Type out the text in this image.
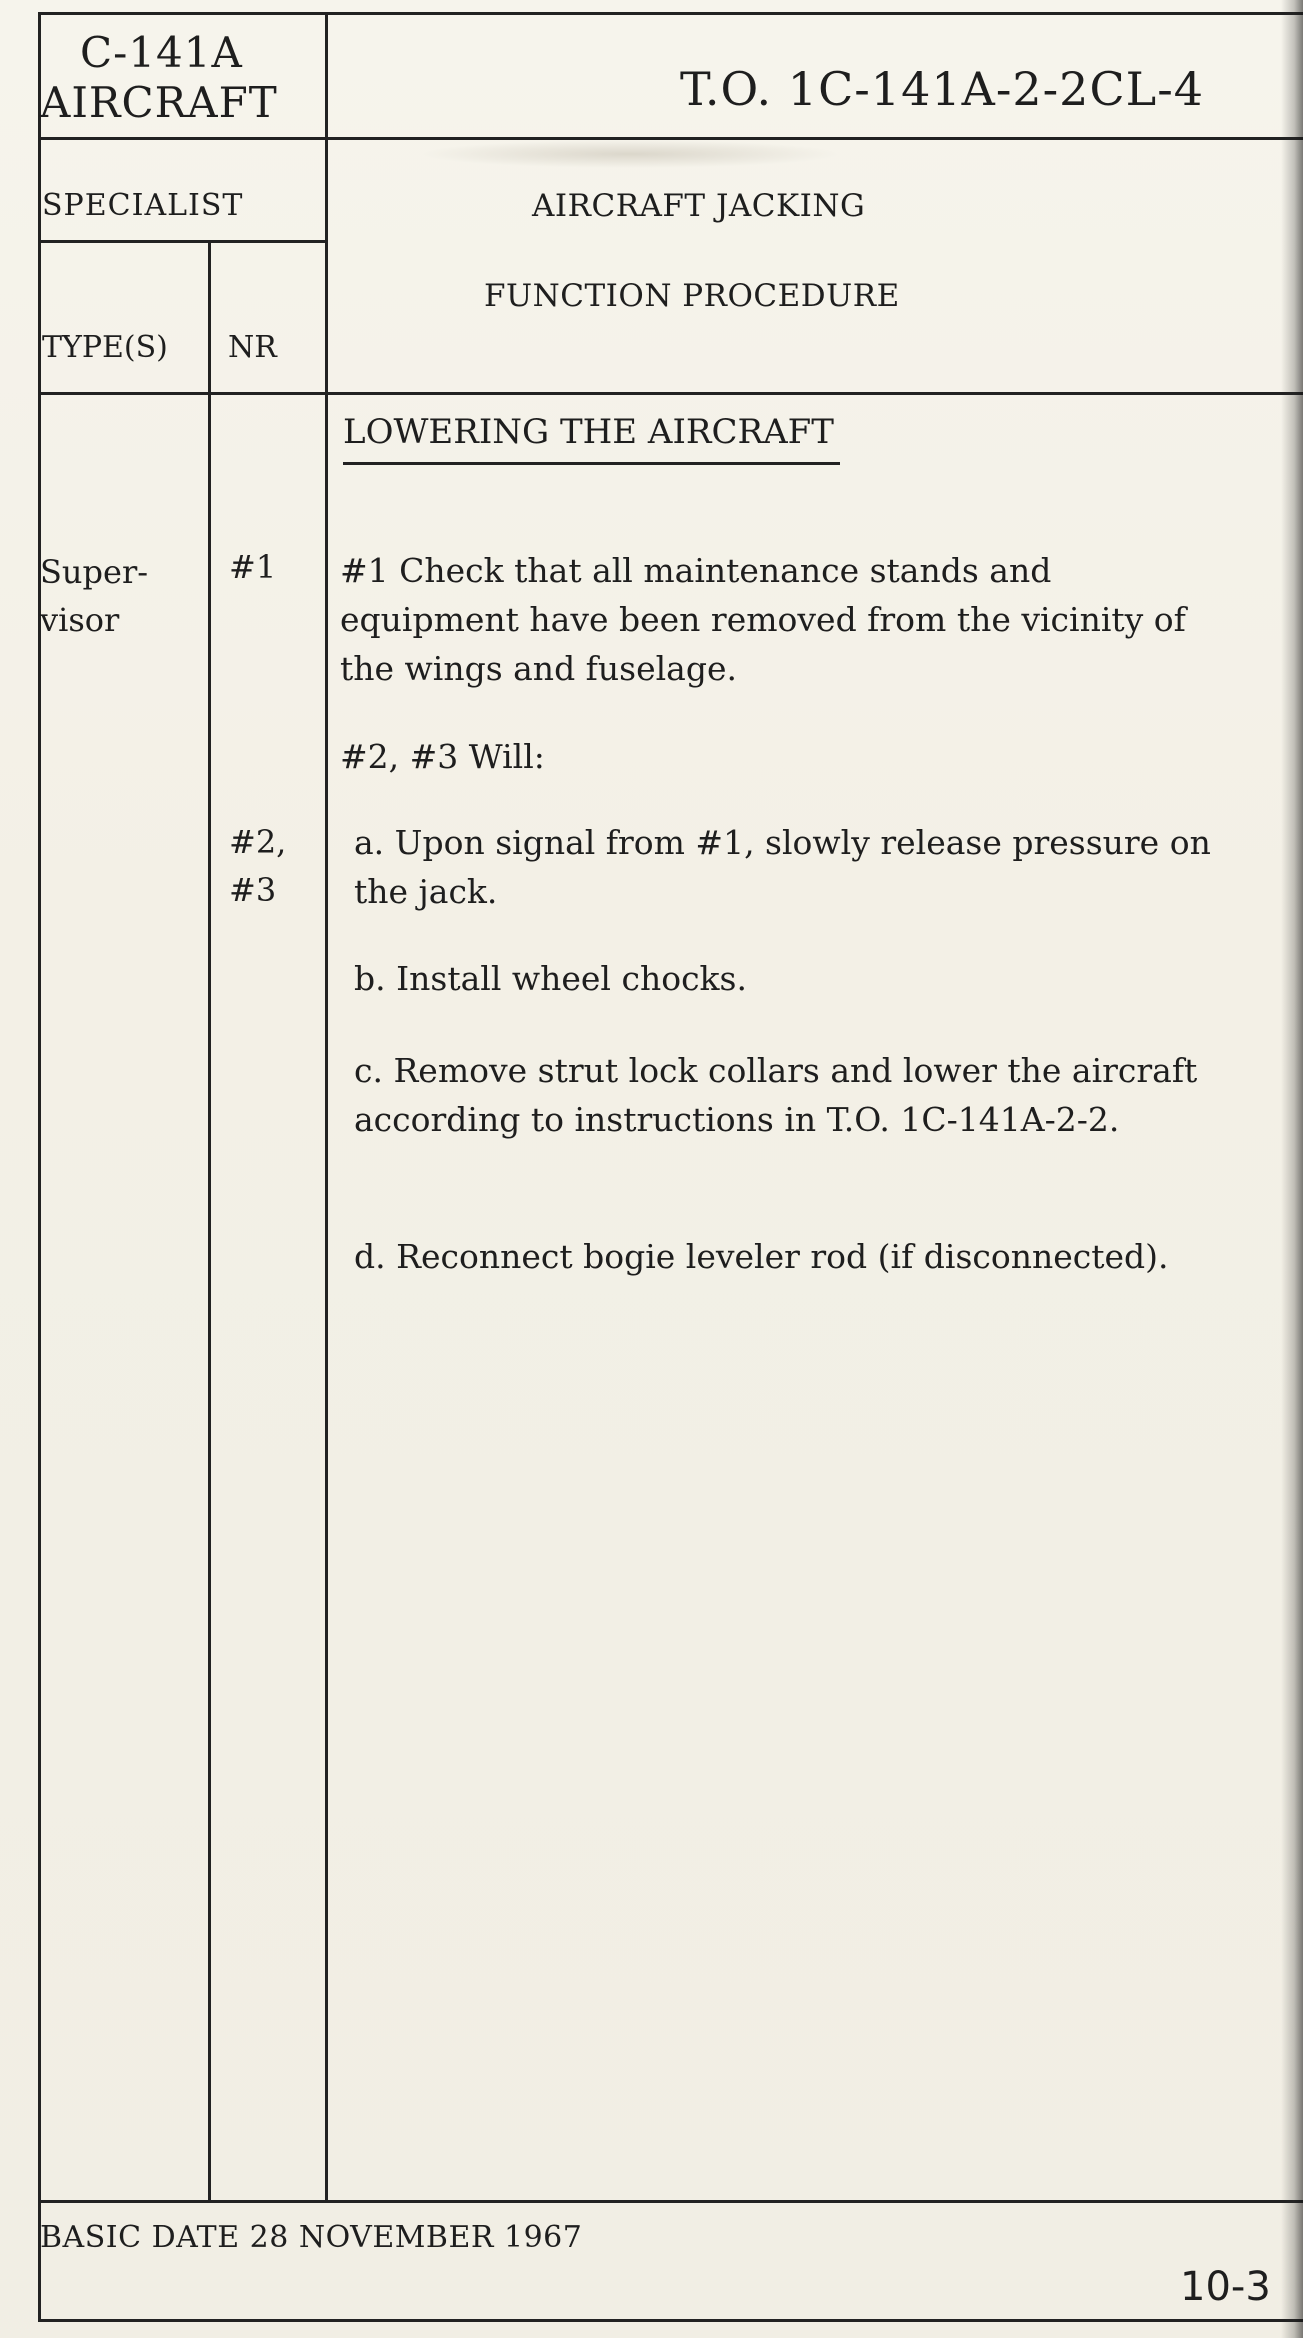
C-141A
AIRCRAFT	T.O. 1C-141A-2-2CL-4
SPECIALIST
TYPE(S) NR
AIRCRAFT JACKING
FUNCTION PROCEDURE
LOWERING THE AIRCRAFT
Super- visor
#1
#2, #3
#1 Check that all maintenance stands and equipment have been removed from the vicinity of the wings and fuselage.
#2, #3 Will:
a. Upon signal from #1, slowly release pressure on the jack.
b. Install wheel chocks.
c. Remove strut lock collars and lower the aircraft according to instructions in T.O. 1C-141A-2-2.
d. Reconnect bogie leveler rod (if disconnected).
BASIC DATE 28 NOVEMBER 1967
10-3
